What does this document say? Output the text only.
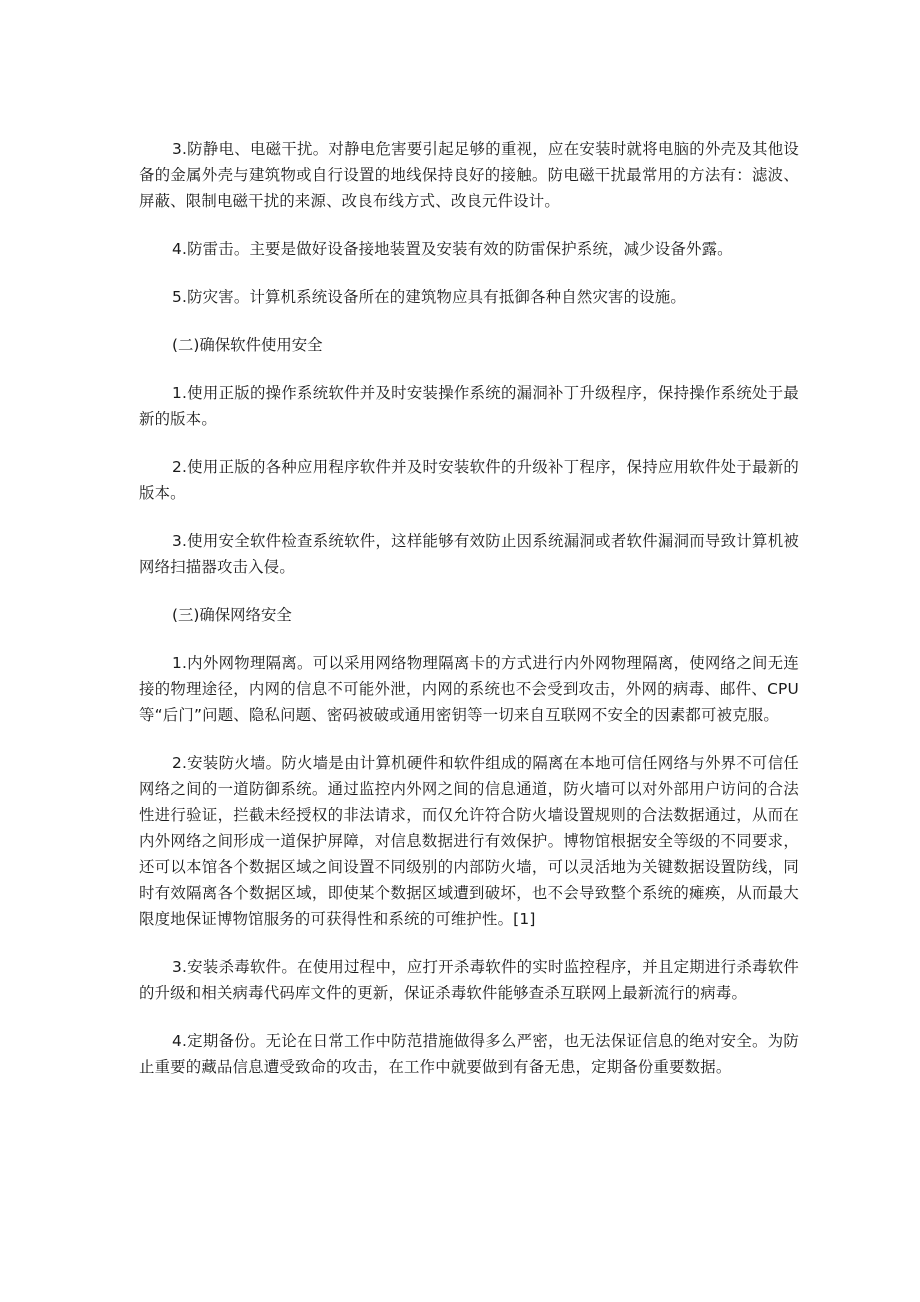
3.防静电、电磁干扰。对静电危害要引起足够的重视，应在安装时就将电脑的外壳及其他设备的金属外壳与建筑物或自行设置的地线保持良好的接触。防电磁干扰最常用的方法有：滤波、屏蔽、限制电磁干扰的来源、改良布线方式、改良元件设计。

4.防雷击。主要是做好设备接地装置及安装有效的防雷保护系统，减少设备外露。

5.防灾害。计算机系统设备所在的建筑物应具有抵御各种自然灾害的设施。

(二)确保软件使用安全

1.使用正版的操作系统软件并及时安装操作系统的漏洞补丁升级程序，保持操作系统处于最新的版本。

2.使用正版的各种应用程序软件并及时安装软件的升级补丁程序，保持应用软件处于最新的版本。

3.使用安全软件检查系统软件，这样能够有效防止因系统漏洞或者软件漏洞而导致计算机被网络扫描器攻击入侵。

(三)确保网络安全

1.内外网物理隔离。可以采用网络物理隔离卡的方式进行内外网物理隔离，使网络之间无连接的物理途径，内网的信息不可能外泄，内网的系统也不会受到攻击，外网的病毒、邮件、CPU 等“后门”问题、隐私问题、密码被破或通用密钥等一切来自互联网不安全的因素都可被克服。

2.安装防火墙。防火墙是由计算机硬件和软件组成的隔离在本地可信任网络与外界不可信任网络之间的一道防御系统。通过监控内外网之间的信息通道，防火墙可以对外部用户访问的合法性进行验证，拦截未经授权的非法请求，而仅允许符合防火墙设置规则的合法数据通过，从而在内外网络之间形成一道保护屏障，对信息数据进行有效保护。博物馆根据安全等级的不同要求，还可以本馆各个数据区域之间设置不同级别的内部防火墙，可以灵活地为关键数据设置防线，同时有效隔离各个数据区域，即使某个数据区域遭到破坏，也不会导致整个系统的瘫痪，从而最大限度地保证博物馆服务的可获得性和系统的可维护性。[1]

3.安装杀毒软件。在使用过程中，应打开杀毒软件的实时监控程序，并且定期进行杀毒软件的升级和相关病毒代码库文件的更新，保证杀毒软件能够查杀互联网上最新流行的病毒。

4.定期备份。无论在日常工作中防范措施做得多么严密，也无法保证信息的绝对安全。为防止重要的藏品信息遭受致命的攻击，在工作中就要做到有备无患，定期备份重要数据。
